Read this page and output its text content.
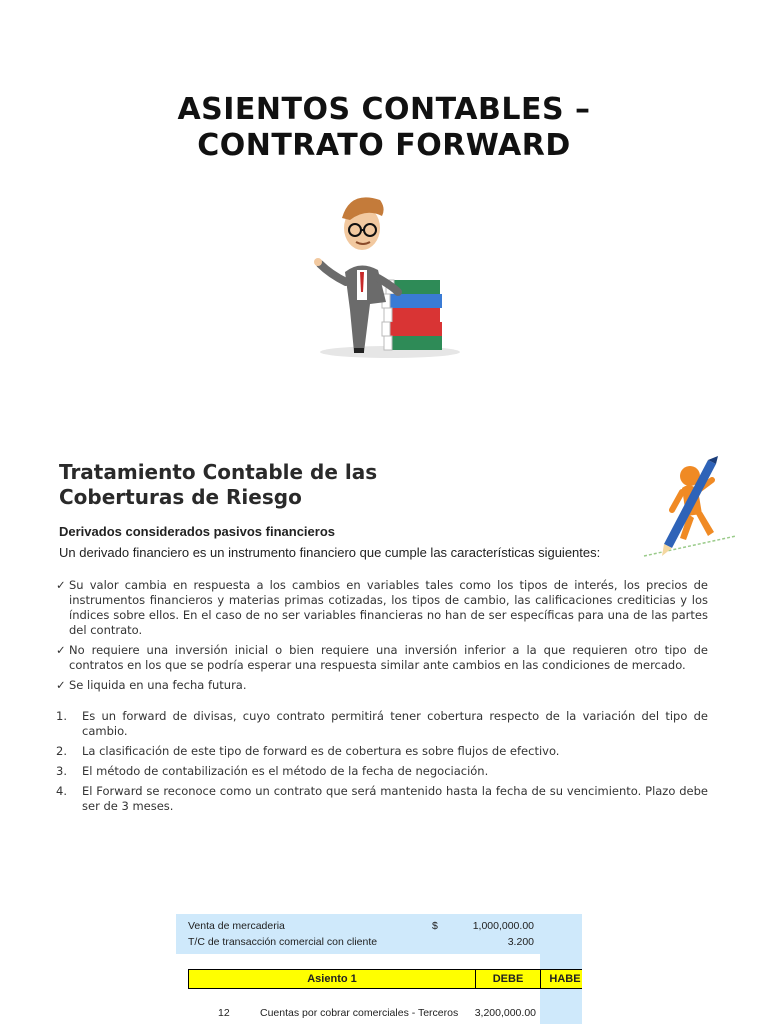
ASIENTOS CONTABLES –
CONTRATO FORWARD
Tratamiento Contable de las
Coberturas de Riesgo
Derivados considerados pasivos financieros
Un derivado financiero es un instrumento financiero que cumple las características siguientes:
✓ Su valor cambia en respuesta a los cambios en variables tales como los tipos de interés, los precios de instrumentos financieros y materias primas cotizadas, los tipos de cambio, las calificaciones crediticias y los índices sobre ellos. En el caso de no ser variables financieras no han de ser específicas para una de las partes del contrato.
✓ No requiere una inversión inicial o bien requiere una inversión inferior a la que requieren otro tipo de contratos en los que se podría esperar una respuesta similar ante cambios en las condiciones de mercado.
✓ Se liquida en una fecha futura.
1. Es un forward de divisas, cuyo contrato permitirá tener cobertura respecto de la variación del tipo de cambio.
2. La clasificación de este tipo de forward es de cobertura es sobre flujos de efectivo.
3. El método de contabilización es el método de la fecha de negociación.
4. El Forward se reconoce como un contrato que será mantenido hasta la fecha de su vencimiento. Plazo debe ser de 3 meses.
Venta de mercaderia	$	1,000,000.00
T/C de transacción comercial con cliente	3.200
Asiento 1	DEBE	HABE
12	Cuentas por cobrar comerciales - Terceros	3,200,000.00
